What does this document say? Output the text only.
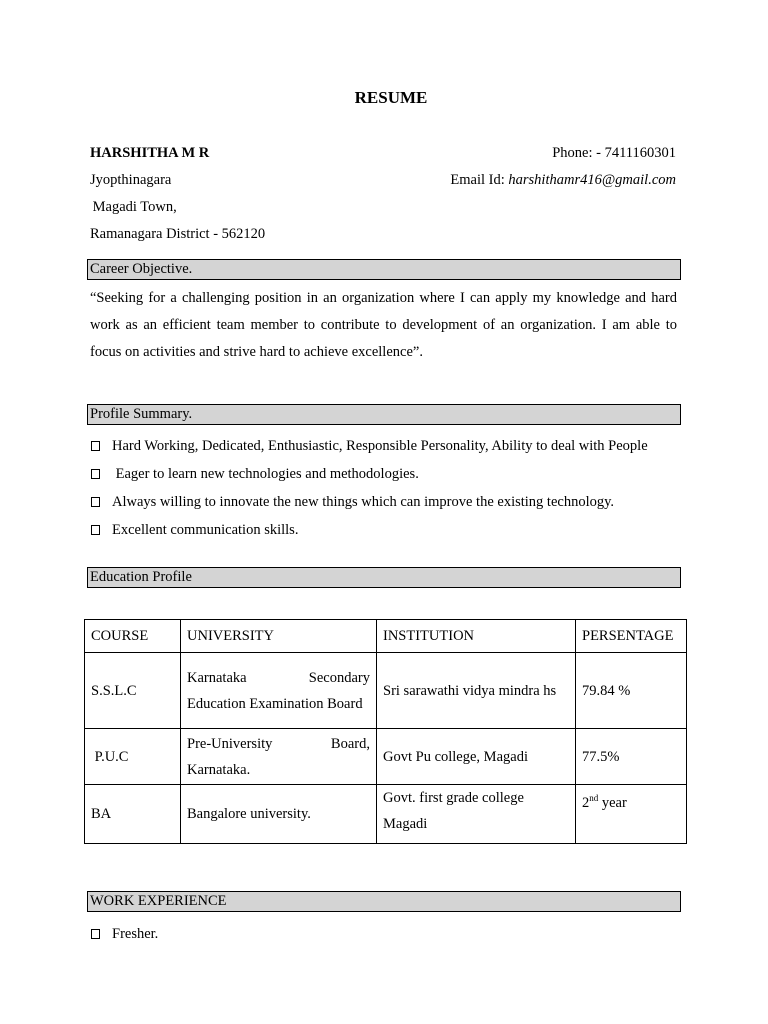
RESUME
HARSHITHA M R	Phone: - 7411160301
Jyopthinagara	Email Id: harshithamr416@gmail.com
Magadi Town,
Ramanagara District - 562120
Career Objective.
“Seeking for a challenging position in an organization where I can apply my knowledge and hard work as an efficient team member to contribute to development of an organization. I am able to focus on activities and strive hard to achieve excellence”.
Profile Summary.
Hard Working, Dedicated, Enthusiastic, Responsible Personality, Ability to deal with People
Eager to learn new technologies and methodologies.
Always willing to innovate the new things which can improve the existing technology.
Excellent communication skills.
Education Profile
COURSE	UNIVERSITY	INSTITUTION	PERSENTAGE
S.S.L.C	Karnataka Secondary Education Examination Board	Sri sarawathi vidya mindra hs	79.84 %
P.U.C	Pre-University Board, Karnataka.	Govt Pu college, Magadi	77.5%
BA	Bangalore university.	Govt. first grade college Magadi	2nd year
WORK EXPERIENCE
Fresher.
